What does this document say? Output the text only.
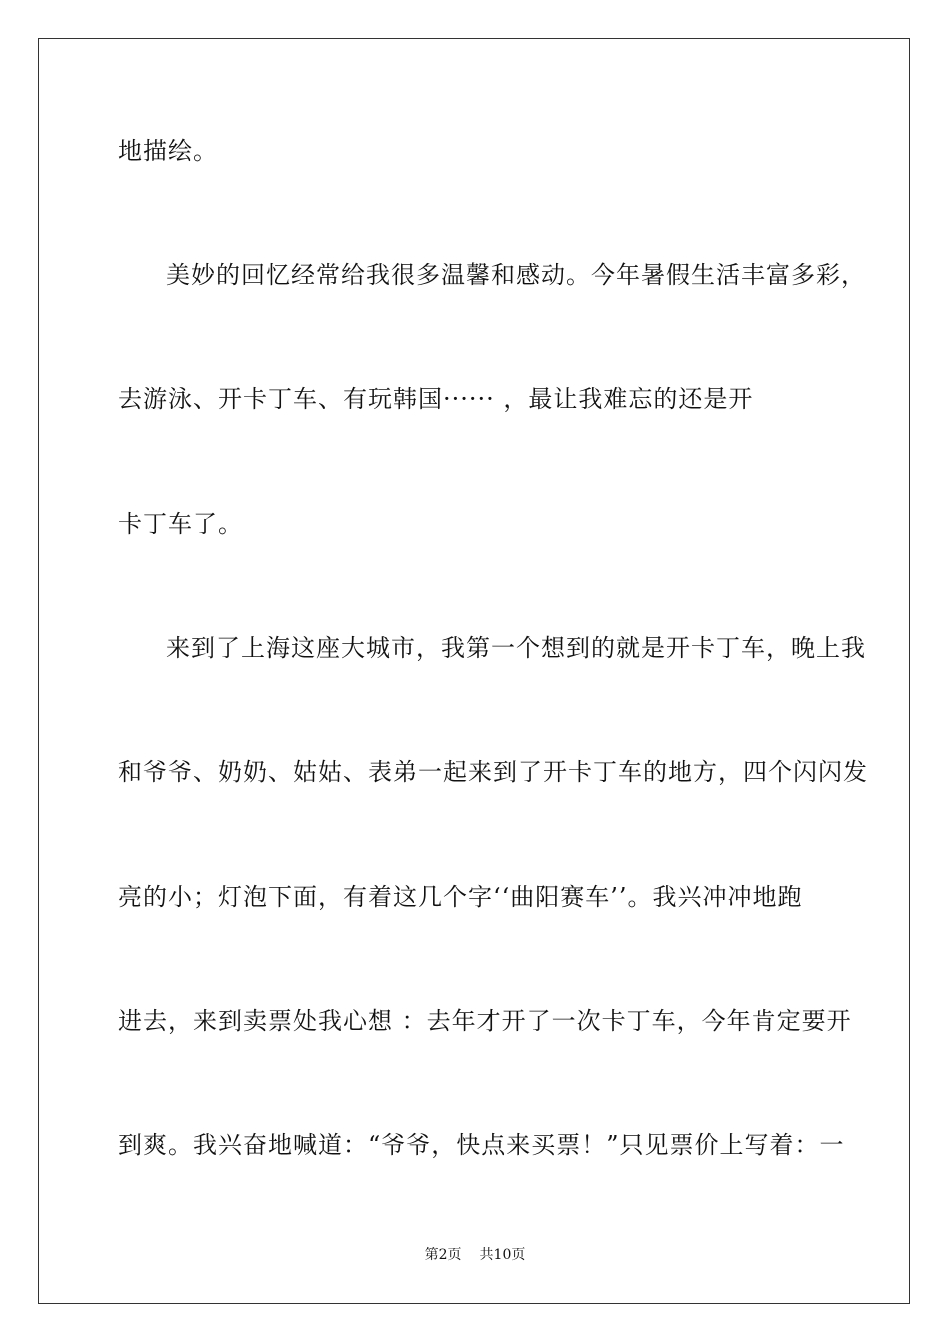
地描绘。
美妙的回忆经常给我很多温馨和感动。今年暑假生活丰富多彩，
去游泳、开卡丁车、有玩韩国······ ，最让我难忘的还是开
卡丁车了。
来到了上海这座大城市，我第一个想到的就是开卡丁车，晚上我
和爷爷、奶奶、姑姑、表弟一起来到了开卡丁车的地方，四个闪闪发
亮的小；灯泡下面，有着这几个字‘‘曲阳赛车’’。我兴冲冲地跑
进去，来到卖票处我心想 ：去年才开了一次卡丁车，今年肯定要开
到爽。我兴奋地喊道：“爷爷，快点来买票！”只见票价上写着：一
第2页 共10页
